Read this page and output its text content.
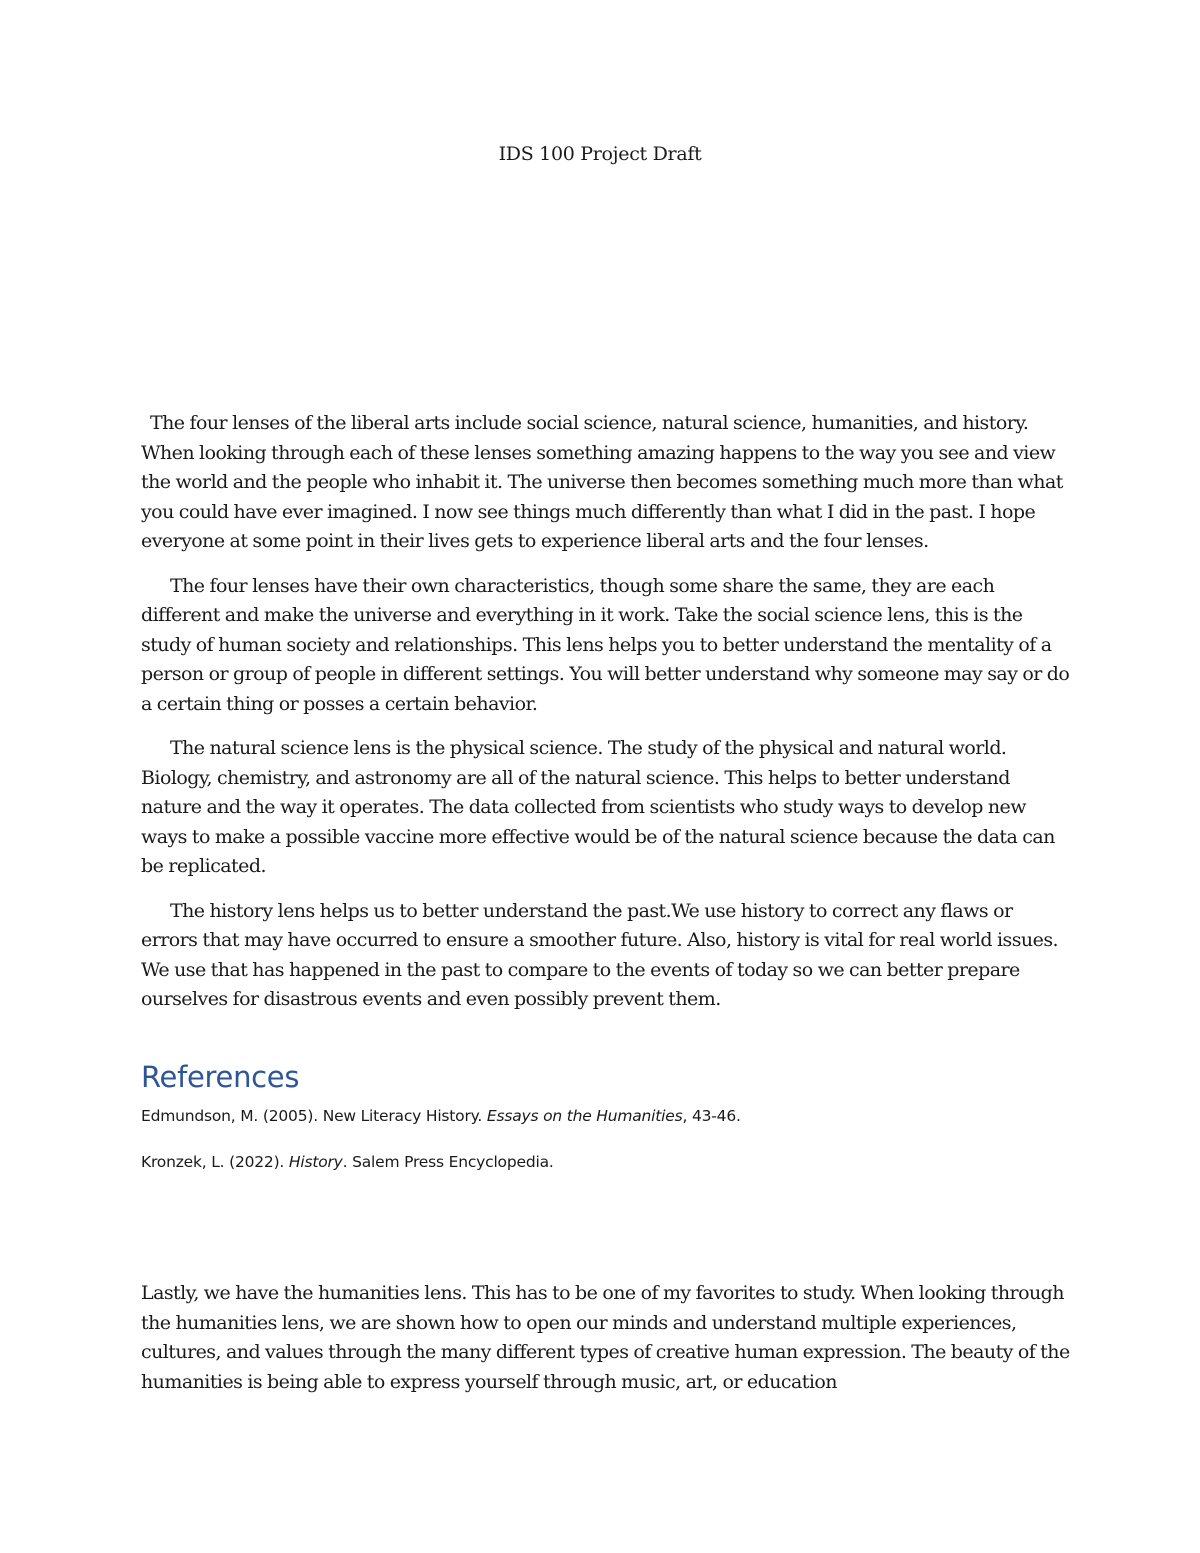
IDS 100 Project Draft

The four lenses of the liberal arts include social science, natural science, humanities, and history. When looking through each of these lenses something amazing happens to the way you see and view the world and the people who inhabit it. The universe then becomes something much more than what you could have ever imagined. I now see things much differently than what I did in the past. I hope everyone at some point in their lives gets to experience liberal arts and the four lenses.

The four lenses have their own characteristics, though some share the same, they are each different and make the universe and everything in it work. Take the social science lens, this is the study of human society and relationships. This lens helps you to better understand the mentality of a person or group of people in different settings. You will better understand why someone may say or do a certain thing or posses a certain behavior.

The natural science lens is the physical science. The study of the physical and natural world. Biology, chemistry, and astronomy are all of the natural science. This helps to better understand nature and the way it operates. The data collected from scientists who study ways to develop new ways to make a possible vaccine more effective would be of the natural science because the data can be replicated.

The history lens helps us to better understand the past.We use history to correct any flaws or errors that may have occurred to ensure a smoother future. Also, history is vital for real world issues. We use that has happened in the past to compare to the events of today so we can better prepare ourselves for disastrous events and even possibly prevent them.

References

Edmundson, M. (2005). New Literacy History. Essays on the Humanities, 43-46.

Kronzek, L. (2022). History. Salem Press Encyclopedia.

Lastly, we have the humanities lens. This has to be one of my favorites to study. When looking through the humanities lens, we are shown how to open our minds and understand multiple experiences, cultures, and values through the many different types of creative human expression. The beauty of the humanities is being able to express yourself through music, art, or education
